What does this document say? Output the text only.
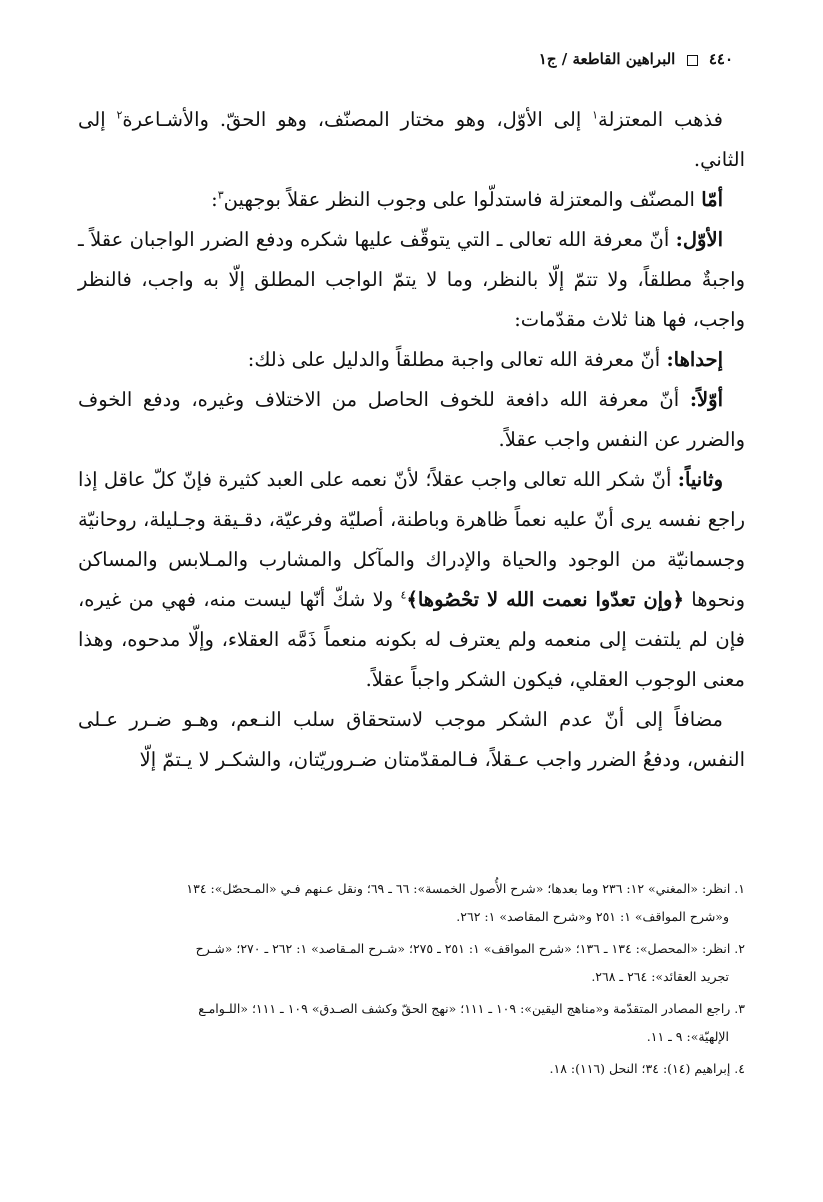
٤٤٠  البراهين القاطعة / ج١

فذهب المعتزلة$^١$ إلى الأوّل، وهو مختار المصنّف، وهو الحقّ. والأشـاعرة$^٢$ إلى الثاني.

أمّا المصنّف والمعتزلة فاستدلّوا على وجوب النظر عقلاً بوجهين$^٣$:

الأوّل: أنّ معرفة الله تعالى ـ التي يتوقّف عليها شكره ودفع الضرر الواجبان عقلاً ـ واجبةٌ مطلقاً، ولا تتمّ إلّا بالنظر، وما لا يتمّ الواجب المطلق إلّا به واجب، فالنظر واجب، فها هنا ثلاث مقدّمات:

إحداها: أنّ معرفة الله تعالى واجبة مطلقاً والدليل على ذلك:

أوّلاً: أنّ معرفة الله دافعة للخوف الحاصل من الاختلاف وغيره، ودفع الخوف والضرر عن النفس واجب عقلاً.

وثانياً: أنّ شكر الله تعالى واجب عقلاً؛ لأنّ نعمه على العبد كثيرة فإنّ كلّ عاقل إذا راجع نفسه يرى أنّ عليه نعماً ظاهرة وباطنة، أصليّة وفرعيّة، دقـيقة وجـليلة، روحانيّة وجسمانيّة من الوجود والحياة والإدراك والمآكل والمشارب والمـلابس والمساكن ونحوها ﴿وإن تعدّوا نعمت الله لا تحْصُوها﴾$^٤$ ولا شكّ أنّها ليست منه، فهي من غيره، فإن لم يلتفت إلى منعمه ولم يعترف له بكونه منعماً ذَمَّه العقلاء، وإلّا مدحوه، وهذا معنى الوجوب العقلي، فيكون الشكر واجباً عقلاً.

مضافاً إلى أنّ عدم الشكر موجب لاستحقاق سلب النـعم، وهـو ضـرر عـلى النفس، ودفعُ الضرر واجب عـقلاً، فـالمقدّمتان ضـروريّتان، والشكـر لا يـتمّ إلّا

١. انظر: «المغني» ١٢: ٢٣٦ وما بعدها؛ «شرح الأُصول الخمسة»: ٦٦ ـ ٦٩؛ ونقل عـنهم فـي «المـحصّل»: ١٣٤
و«شرح المواقف» ١: ٢٥١ و«شرح المقاصد» ١: ٢٦٢.

٢. انظر: «المحصل»: ١٣٤ ـ ١٣٦؛ «شرح المواقف» ١: ٢٥١ ـ ٢٧٥؛ «شـرح المـقاصد» ١: ٢٦٢ ـ ٢٧٠؛ «شـرح
تجريد العقائد»: ٢٦٤ ـ ٢٦٨.

٣. راجع المصادر المتقدّمة و«مناهج اليقين»: ١٠٩ ـ ١١١؛ «نهج الحقّ وكشف الصـدق» ١٠٩ ـ ١١١؛ «اللـوامـع
الإلهيّة»: ٩ ـ ١١.

٤. إبراهيم (١٤): ٣٤؛ النحل (١١٦): ١٨.
